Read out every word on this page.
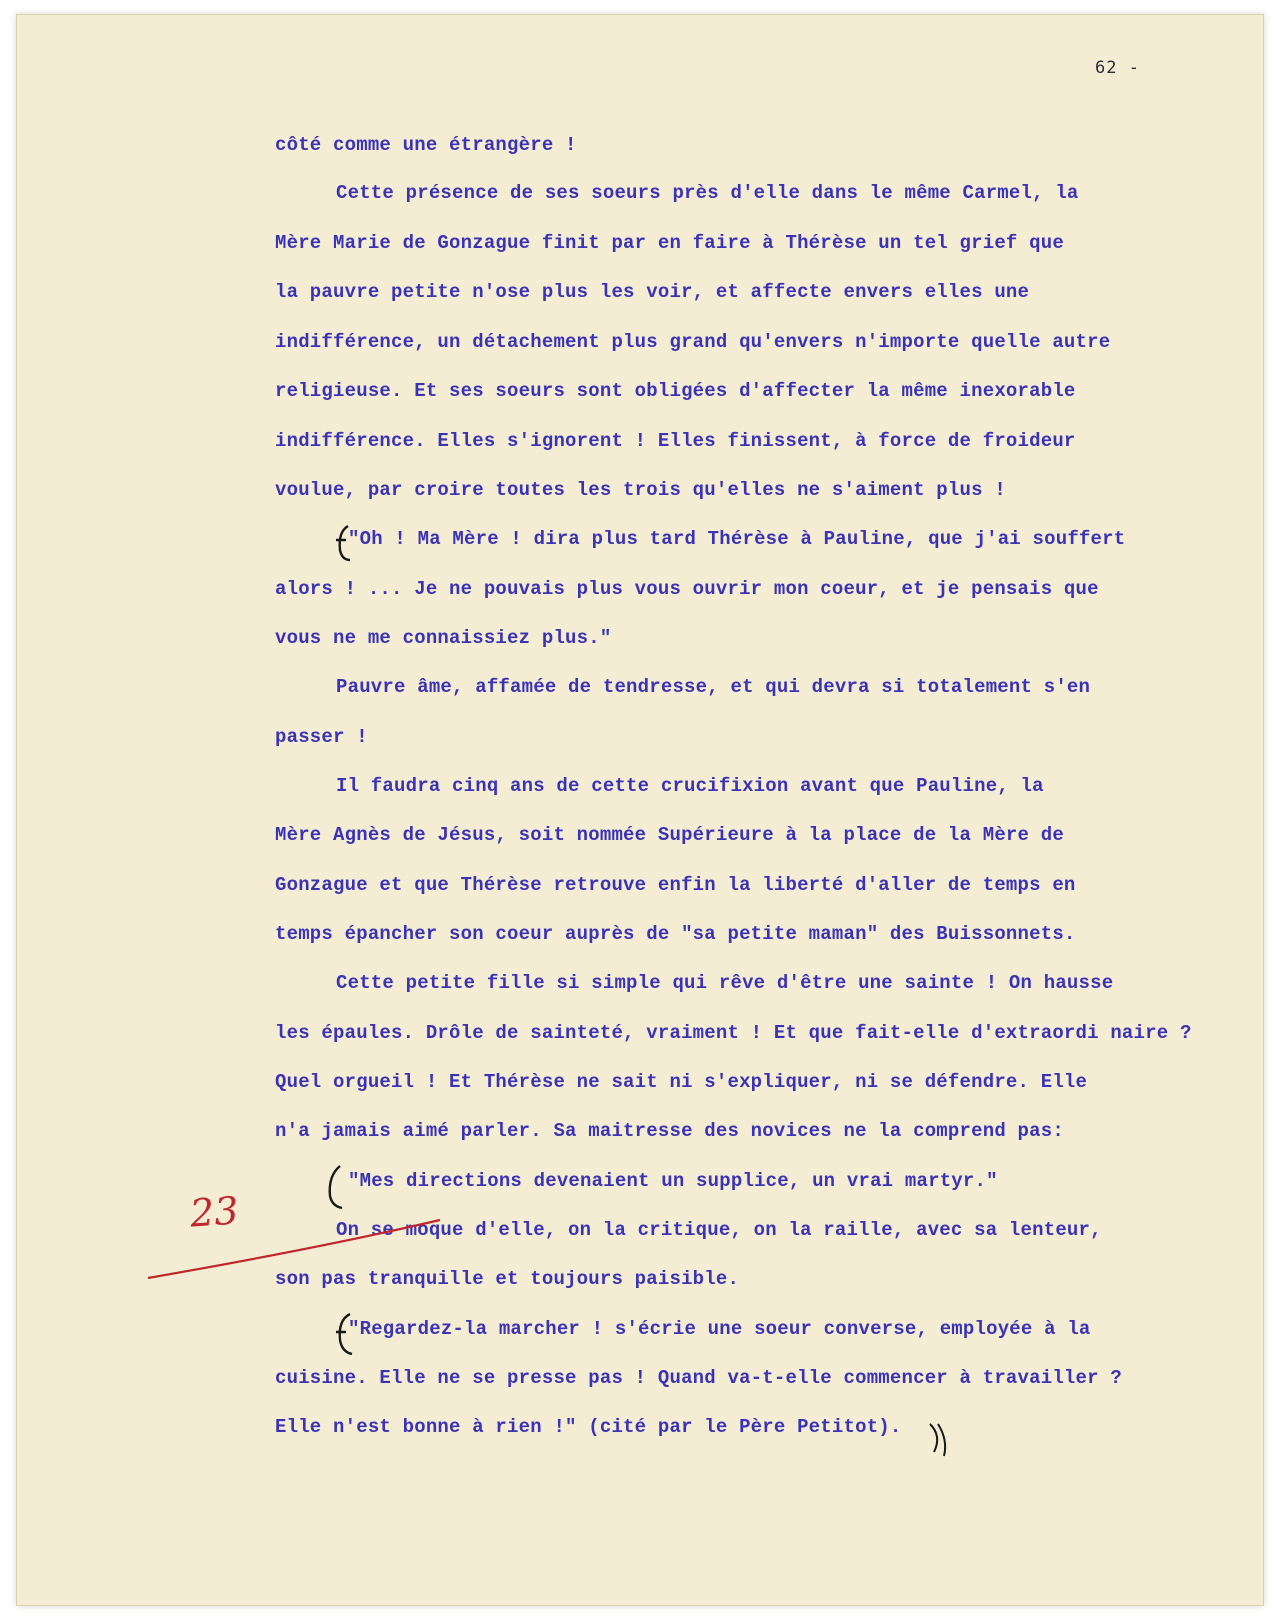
62 -
côté comme une étrangère !
Cette présence de ses soeurs près d'elle dans le même Carmel, la
Mère Marie de Gonzague finit par en faire à Thérèse un tel grief que
la pauvre petite n'ose plus les voir, et affecte envers elles une
indifférence, un détachement plus grand qu'envers n'importe quelle autre
religieuse. Et ses soeurs sont obligées d'affecter la même inexorable
indifférence. Elles s'ignorent ! Elles finissent, à force de froideur
voulue, par croire toutes les trois qu'elles ne s'aiment plus !
"Oh ! Ma Mère ! dira plus tard Thérèse à Pauline, que j'ai souffert
alors ! ... Je ne pouvais plus vous ouvrir mon coeur, et je pensais que
vous ne me connaissiez plus."
Pauvre âme, affamée de tendresse, et qui devra si totalement s'en
passer !
Il faudra cinq ans de cette crucifixion avant que Pauline, la
Mère Agnès de Jésus, soit nommée Supérieure à la place de la Mère de
Gonzague et que Thérèse retrouve enfin la liberté d'aller de temps en
temps épancher son coeur auprès de "sa petite maman" des Buissonnets.
Cette petite fille si simple qui rêve d'être une sainte ! On hausse
les épaules. Drôle de sainteté, vraiment ! Et que fait-elle d'extraordi naire ?
Quel orgueil ! Et Thérèse ne sait ni s'expliquer, ni se défendre. Elle
n'a jamais aimé parler. Sa maitresse des novices ne la comprend pas:
"Mes directions devenaient un supplice, un vrai martyr."
On se moque d'elle, on la critique, on la raille, avec sa lenteur,
son pas tranquille et toujours paisible.
"Regardez-la marcher ! s'écrie une soeur converse, employée à la
cuisine. Elle ne se presse pas ! Quand va-t-elle commencer à travailler ?
Elle n'est bonne à rien !" (cité par le Père Petitot).
23
